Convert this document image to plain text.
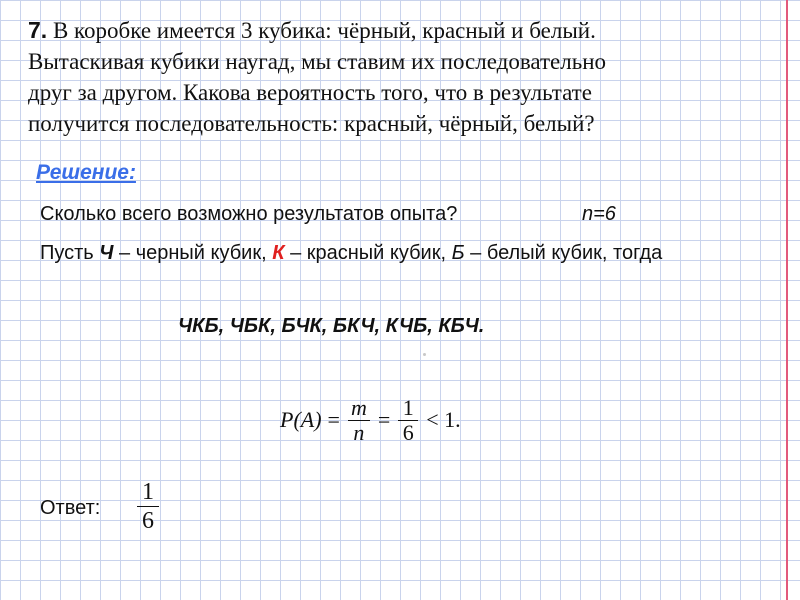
7. В коробке имеется 3 кубика: чёрный, красный и белый.
Вытаскивая кубики наугад, мы ставим их последовательно
друг за другом. Какова вероятность того, что в результате
получится последовательность: красный, чёрный, белый?
Решение:
Сколько всего возможно результатов опыта?	n=6
Пусть Ч – черный кубик, К – красный кубик, Б – белый кубик, тогда
ЧКБ, ЧБК, БЧК, БКЧ, КЧБ, КБЧ.
$P(A) = \frac{m}{n} = \frac{1}{6} < 1$.
Ответ:
1
6
